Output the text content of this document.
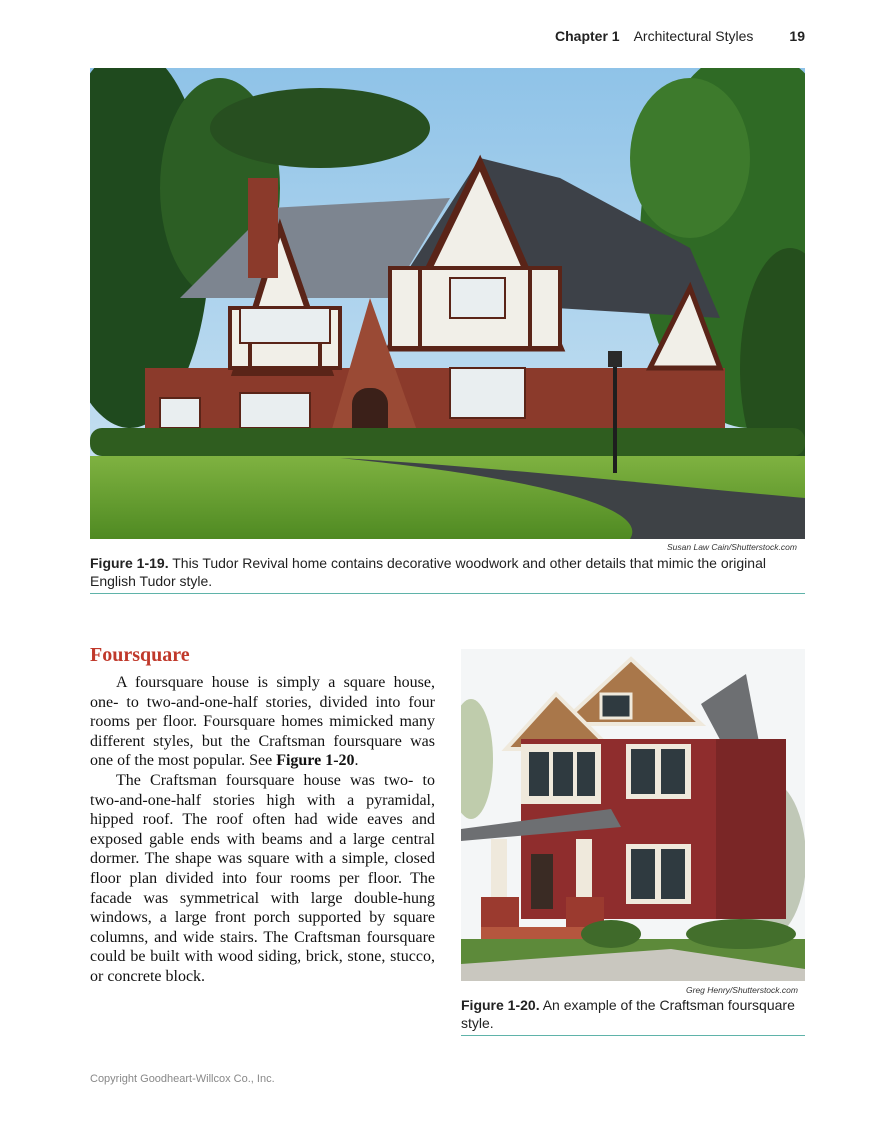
Chapter 1 Architectural Styles	19
Susan Law Cain/Shutterstock.com
Figure 1-19. This Tudor Revival home contains decorative woodwork and other details that mimic the original English Tudor style.
Foursquare

A foursquare house is simply a square house, one- to two-and-one-half stories, divided into four rooms per floor. Foursquare homes mimicked many different styles, but the Craftsman foursquare was one of the most popular. See Figure 1-20.

The Craftsman foursquare house was two- to two-and-one-half stories high with a pyramidal, hipped roof. The roof often had wide eaves and exposed gable ends with beams and a large central dormer. The shape was square with a simple, closed floor plan divided into four rooms per floor. The facade was symmetrical with large double-hung windows, a large front porch supported by square columns, and wide stairs. The Craftsman foursquare could be built with wood siding, brick, stone, stucco, or concrete block.

Greg Henry/Shutterstock.com
Figure 1-20. An example of the Craftsman foursquare style.
Copyright Goodheart-Willcox Co., Inc.
